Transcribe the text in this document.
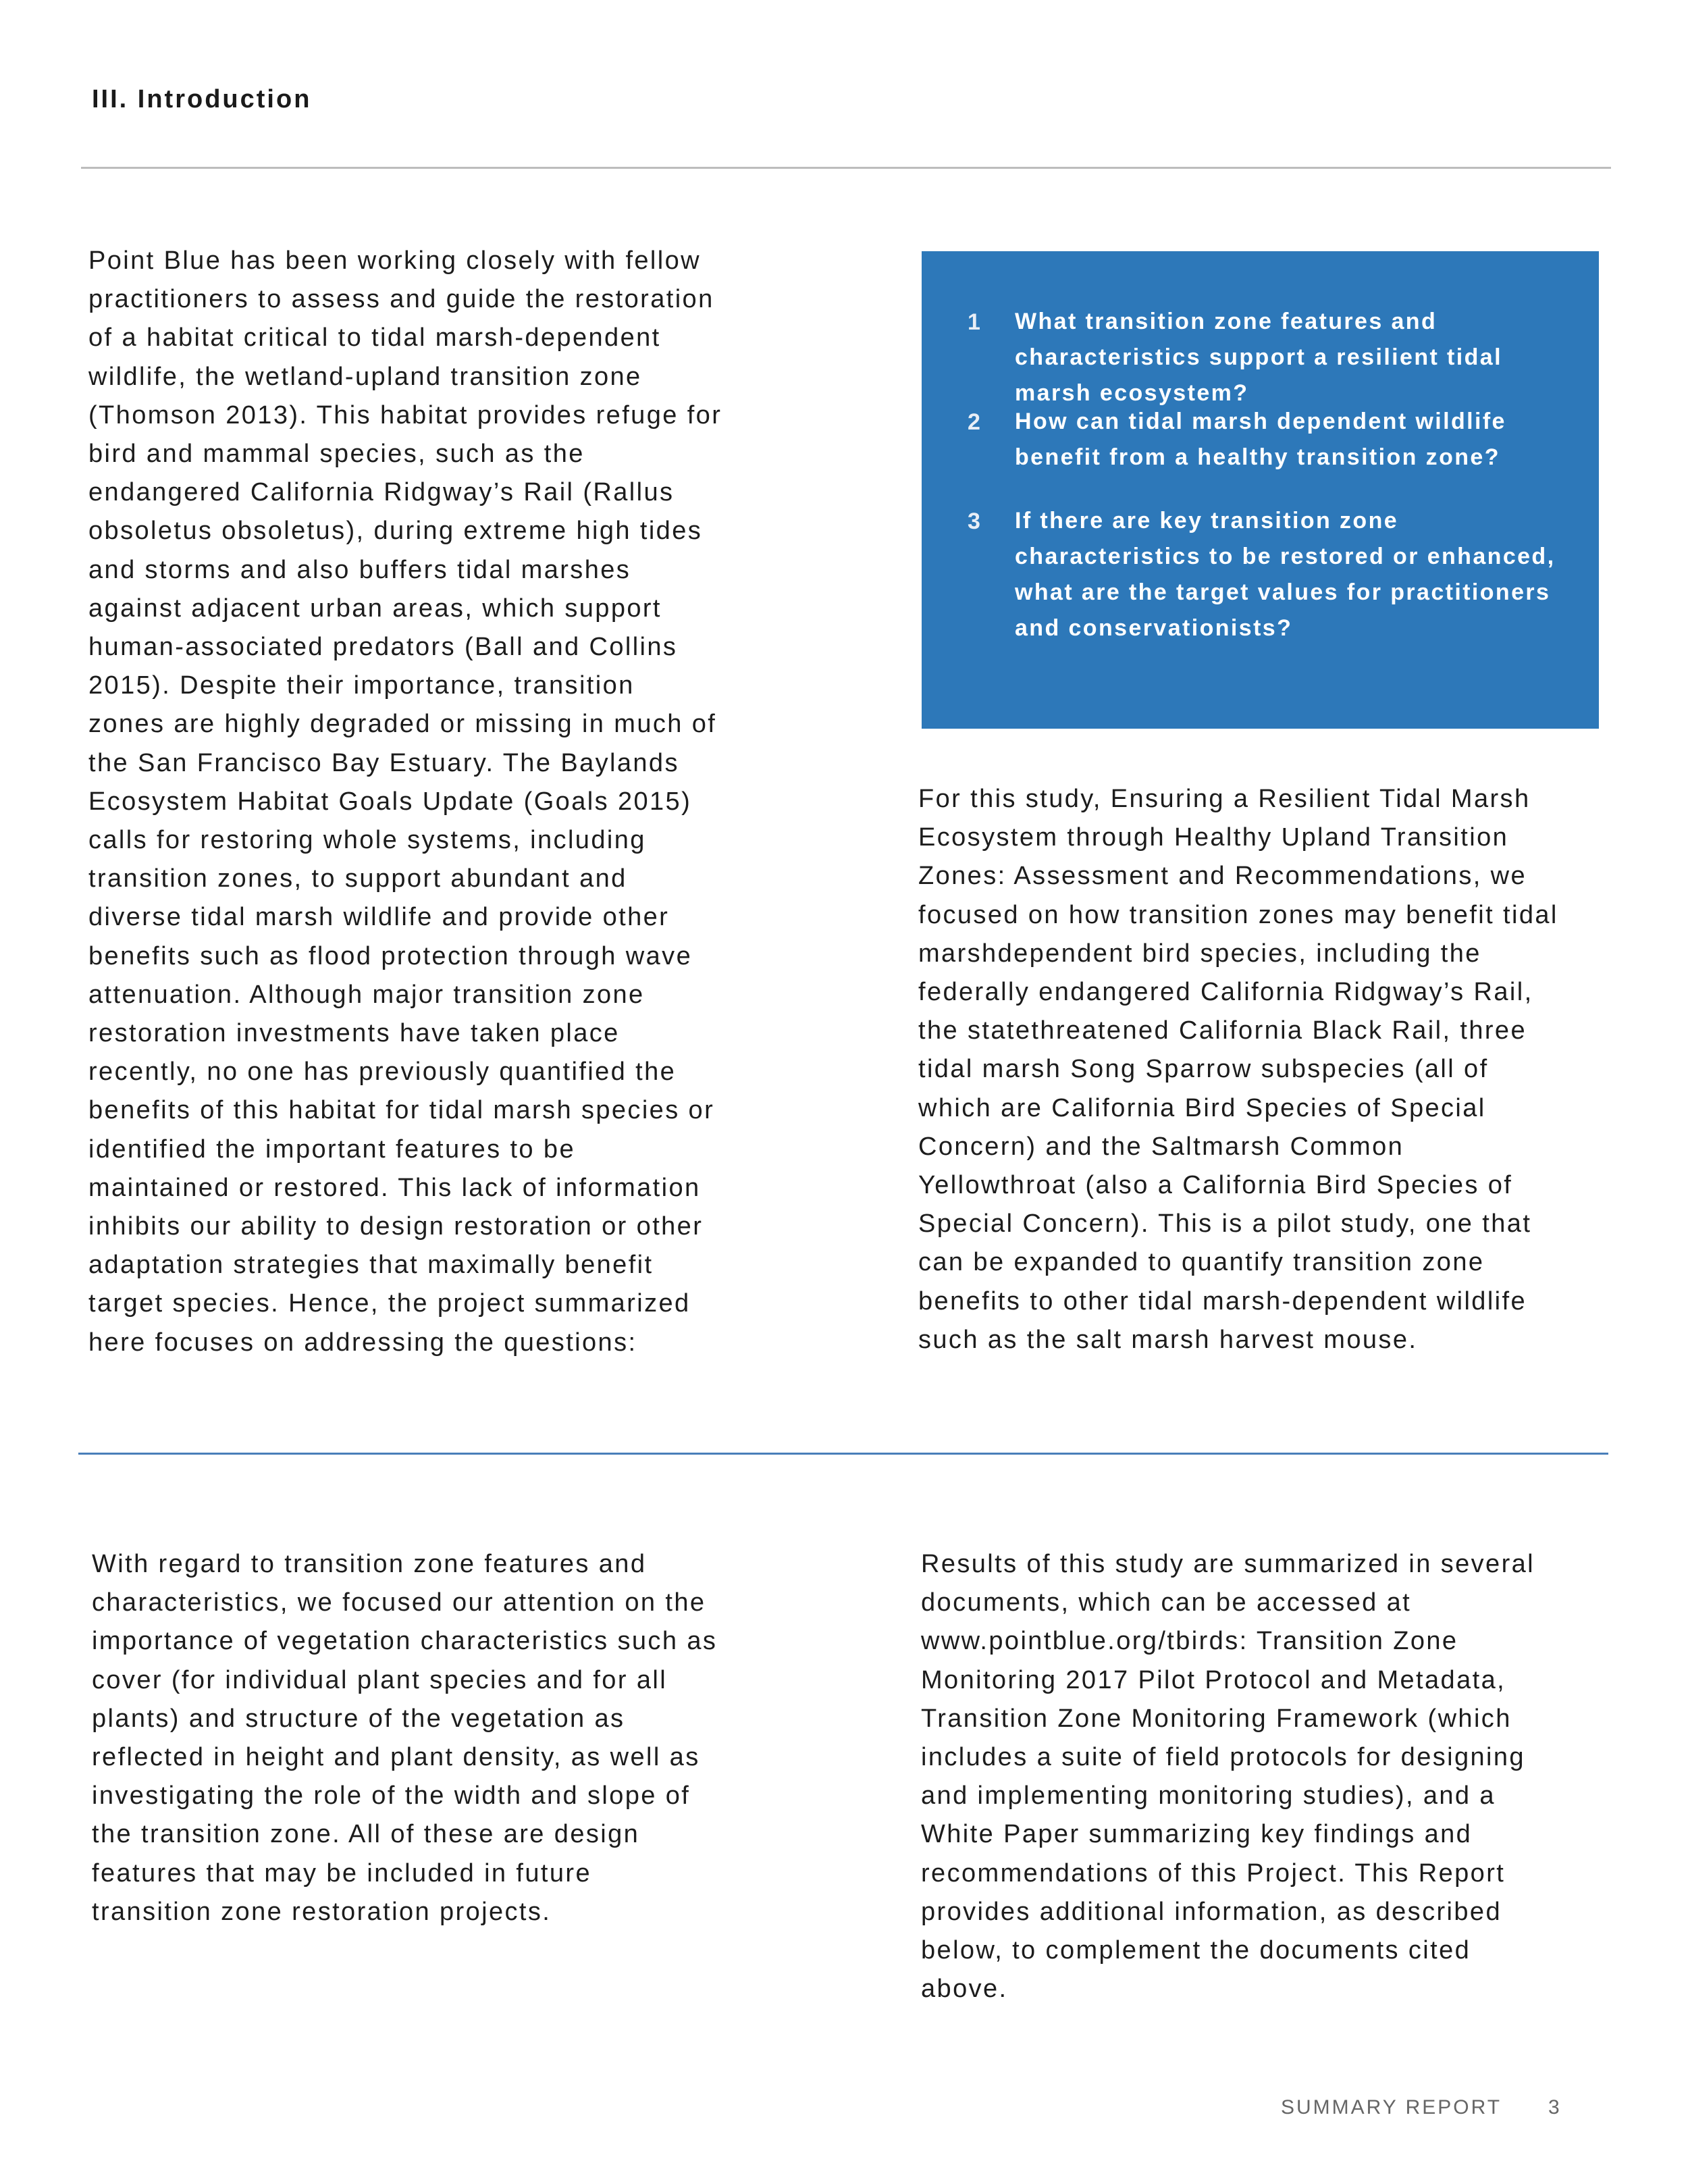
III. Introduction
Point Blue has been working closely with fellow
practitioners to assess and guide the restoration
of a habitat critical to tidal marsh-dependent
wildlife, the wetland-upland transition zone
(Thomson 2013). This habitat provides refuge for
bird and mammal species, such as the
endangered California Ridgway’s Rail (Rallus
obsoletus obsoletus), during extreme high tides
and storms and also buffers tidal marshes
against adjacent urban areas, which support
human-associated predators (Ball and Collins
2015). Despite their importance, transition
zones are highly degraded or missing in much of
the San Francisco Bay Estuary. The Baylands
Ecosystem Habitat Goals Update (Goals 2015)
calls for restoring whole systems, including
transition zones, to support abundant and
diverse tidal marsh wildlife and provide other
benefits such as flood protection through wave
attenuation. Although major transition zone
restoration investments have taken place
recently, no one has previously quantified the
benefits of this habitat for tidal marsh species or
identified the important features to be
maintained or restored. This lack of information
inhibits our ability to design restoration or other
adaptation strategies that maximally benefit
target species. Hence, the project summarized
here focuses on addressing the questions:
1 What transition zone features and
characteristics support a resilient tidal
marsh ecosystem?
2 How can tidal marsh dependent wildlife
benefit from a healthy transition zone?
3 If there are key transition zone
characteristics to be restored or enhanced,
what are the target values for practitioners
and conservationists?
For this study, Ensuring a Resilient Tidal Marsh
Ecosystem through Healthy Upland Transition
Zones: Assessment and Recommendations, we
focused on how transition zones may benefit tidal
marshdependent bird species, including the
federally endangered California Ridgway’s Rail,
the statethreatened California Black Rail, three
tidal marsh Song Sparrow subspecies (all of
which are California Bird Species of Special
Concern) and the Saltmarsh Common
Yellowthroat (also a California Bird Species of
Special Concern). This is a pilot study, one that
can be expanded to quantify transition zone
benefits to other tidal marsh-dependent wildlife
such as the salt marsh harvest mouse.
With regard to transition zone features and
characteristics, we focused our attention on the
importance of vegetation characteristics such as
cover (for individual plant species and for all
plants) and structure of the vegetation as
reflected in height and plant density, as well as
investigating the role of the width and slope of
the transition zone. All of these are design
features that may be included in future
transition zone restoration projects.
Results of this study are summarized in several
documents, which can be accessed at
www.pointblue.org/tbirds: Transition Zone
Monitoring 2017 Pilot Protocol and Metadata,
Transition Zone Monitoring Framework (which
includes a suite of field protocols for designing
and implementing monitoring studies), and a
White Paper summarizing key findings and
recommendations of this Project. This Report
provides additional information, as described
below, to complement the documents cited
above.
SUMMARY REPORT 3
